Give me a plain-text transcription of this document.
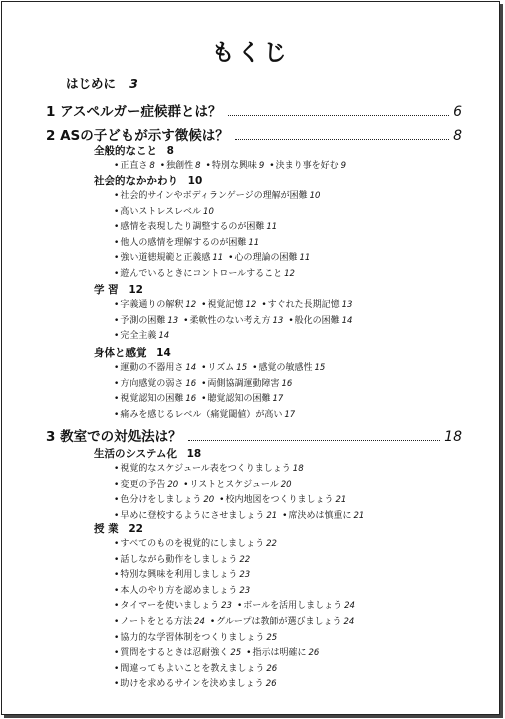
もくじ
はじめに 3
1 アスペルガー症候群とは？	6
2 ASの子どもが示す徴候は？	8
全般的なこと 8
•正直さ 8 •独創性 8 •特別な興味 9 •決まり事を好む 9
社会的なかかわり 10
•社会的サインやボディランゲージの理解が困難 10
•高いストレスレベル 10
•感情を表現したり調整するのが困難 11
•他人の感情を理解するのが困難 11
•強い道徳規範と正義感 11 •心の理論の困難 11
•遊んでいるときにコントロールすること 12
学 習 12
•字義通りの解釈 12 •視覚記憶 12 •すぐれた長期記憶 13
•予測の困難 13 •柔軟性のない考え方 13 •般化の困難 14
•完全主義 14
身体と感覚 14
•運動の不器用さ 14 •リズム 15 •感覚の敏感性 15
•方向感覚の弱さ 16 •両側協調運動障害 16
•視覚認知の困難 16 •聴覚認知の困難 17
•痛みを感じるレベル（痛覚閾値）が高い 17
3 教室での対処法は？	18
生活のシステム化 18
•視覚的なスケジュール表をつくりましょう 18
•変更の予告 20 •リストとスケジュール 20
•色分けをしましょう 20 •校内地図をつくりましょう 21
•早めに登校するようにさせましょう 21 •席決めは慎重に 21
授 業 22
•すべてのものを視覚的にしましょう 22
•話しながら動作をしましょう 22
•特別な興味を利用しましょう 23
•本人のやり方を認めましょう 23
•タイマーを使いましょう 23 •ボールを活用しましょう 24
•ノートをとる方法 24 •グループは教師が選びましょう 24
•協力的な学習体制をつくりましょう 25
•質問をするときは忍耐強く 25 •指示は明確に 26
•間違ってもよいことを教えましょう 26
•助けを求めるサインを決めましょう 26
